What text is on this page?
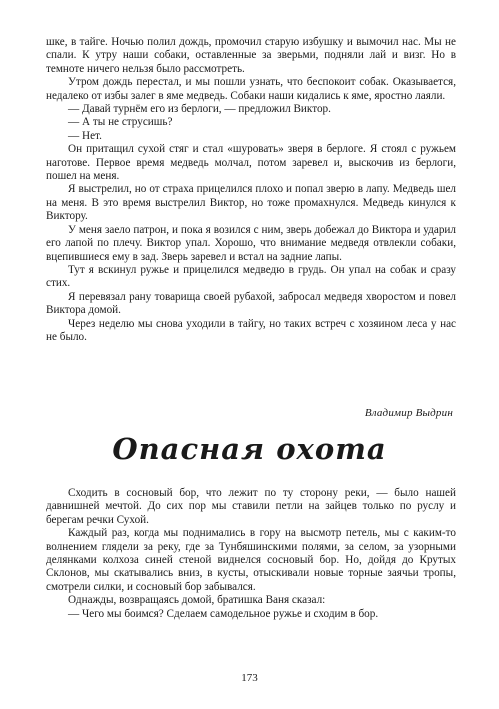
шке, в тайге. Ночью полил дождь, промочил старую избушку и вымочил нас. Мы не спали. К утру наши собаки, оставленные за зверьми, подняли лай и визг. Но в темноте ничего нельзя было рассмотреть.

Утром дождь перестал, и мы пошли узнать, что беспокоит собак. Оказывается, недалеко от избы залег в яме медведь. Собаки наши кидались к яме, яростно лаяли.

— Давай турнём его из берлоги, — предложил Виктор.

— А ты не струсишь?

— Нет.

Он притащил сухой стяг и стал «шуровать» зверя в берлоге. Я стоял с ружьем наготове. Первое время медведь молчал, потом заревел и, выскочив из берлоги, пошел на меня.

Я выстрелил, но от страха прицелился плохо и попал зверю в лапу. Медведь шел на меня. В это время выстрелил Виктор, но тоже промахнулся. Медведь кинулся к Виктору.

У меня заело патрон, и пока я возился с ним, зверь добежал до Виктора и ударил его лапой по плечу. Виктор упал. Хорошо, что внимание медведя отвлекли собаки, вцепившиеся ему в зад. Зверь заревел и встал на задние лапы.

Тут я вскинул ружье и прицелился медведю в грудь. Он упал на собак и сразу стих.

Я перевязал рану товарища своей рубахой, забросал медведя хворостом и повел Виктора домой.

Через неделю мы снова уходили в тайгу, но таких встреч с хозяином леса у нас не было.

Владимир Выдрин
Опасная охота

Сходить в сосновый бор, что лежит по ту сторону реки, — было нашей давнишней мечтой. До сих пор мы ставили петли на зайцев только по руслу и берегам речки Сухой.

Каждый раз, когда мы поднимались в гору на высмотр петель, мы с каким-то волнением глядели за реку, где за Тунбяшинскими полями, за селом, за узорными делянками колхоза синей стеной виднелся сосновый бор. Но, дойдя до Крутых Склонов, мы скатывались вниз, в кусты, отыскивали новые торные заячьи тропы, смотрели силки, и сосновый бор забывался.

Однажды, возвращаясь домой, братишка Ваня сказал:

— Чего мы боимся? Сделаем самодельное ружье и сходим в бор.

173
